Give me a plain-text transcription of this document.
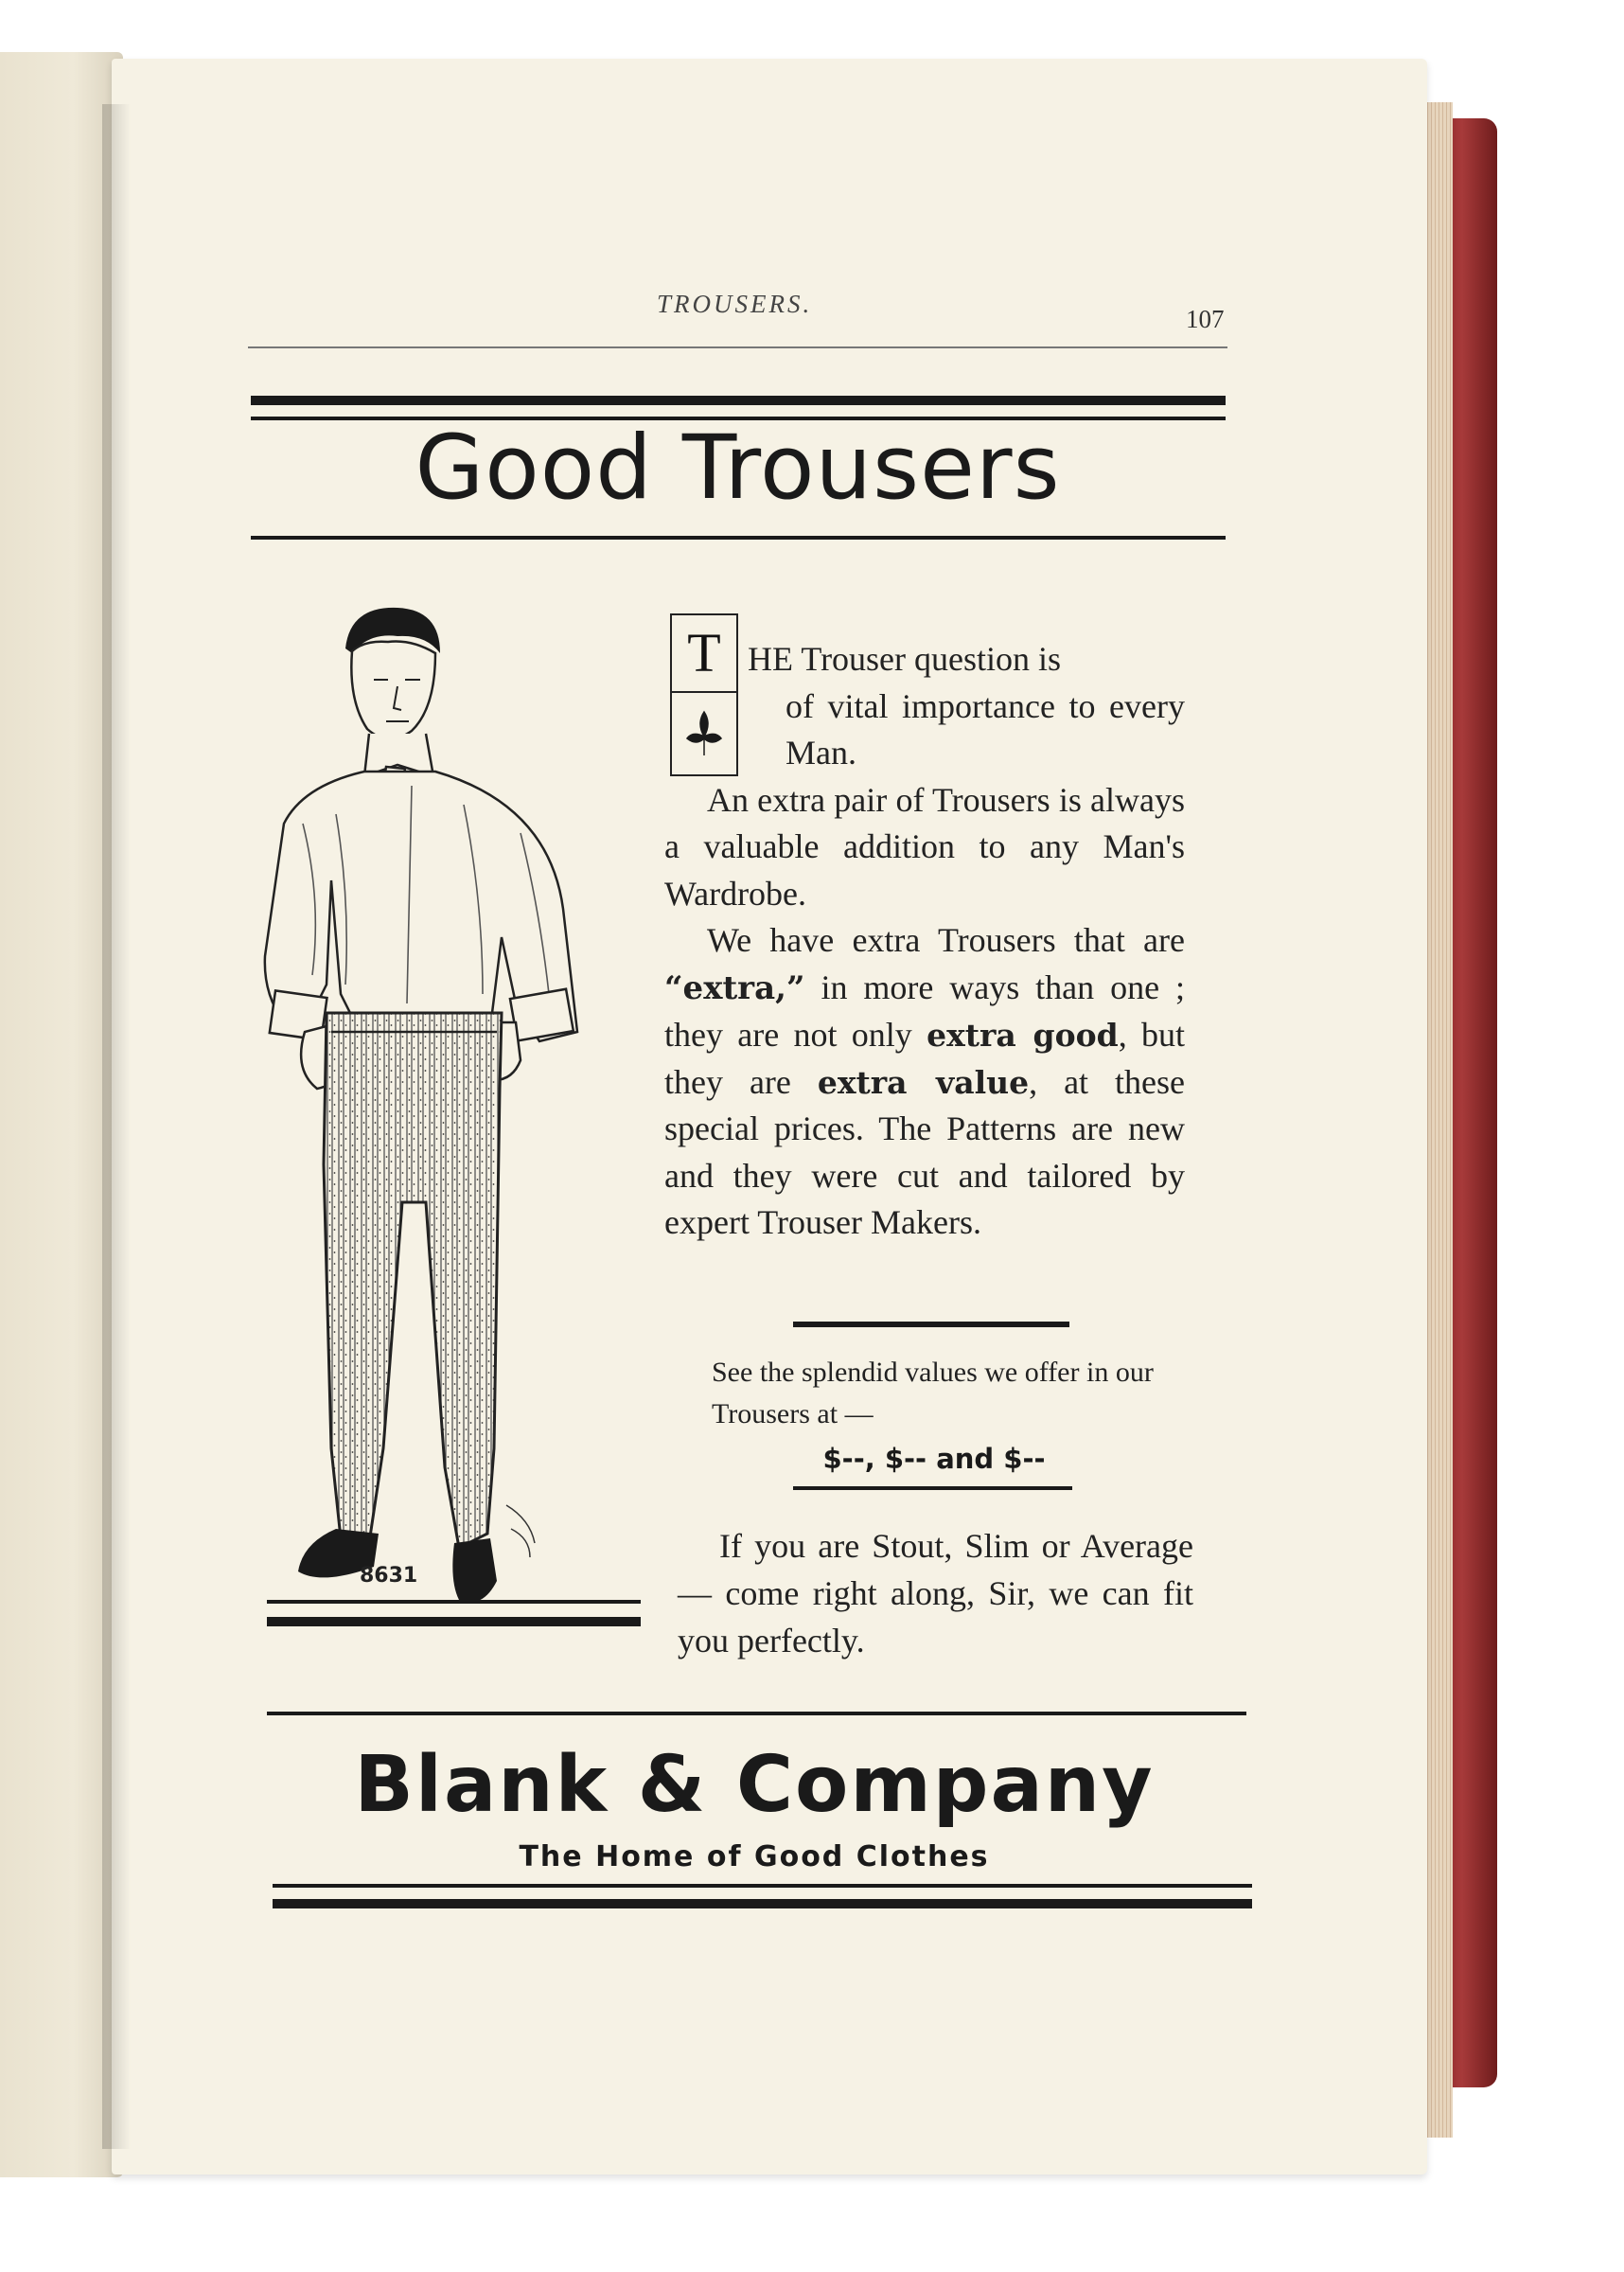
TROUSERS.
107
Good Trousers
8631
T HE Trouser question is

of vital importance to every Man.

An extra pair of Trousers is always a valuable addition to any Man's Wardrobe.

We have extra Trousers that are “extra,” in more ways than one ; they are not only extra good, but they are extra value, at these special prices. The Patterns are new and they were cut and tailored by expert Trouser Makers.

See the splendid values we offer in our Trousers at —
$--, $-- and $--
If you are Stout, Slim or Average — come right along, Sir, we can fit you perfectly.
Blank & Company
The Home of Good Clothes
